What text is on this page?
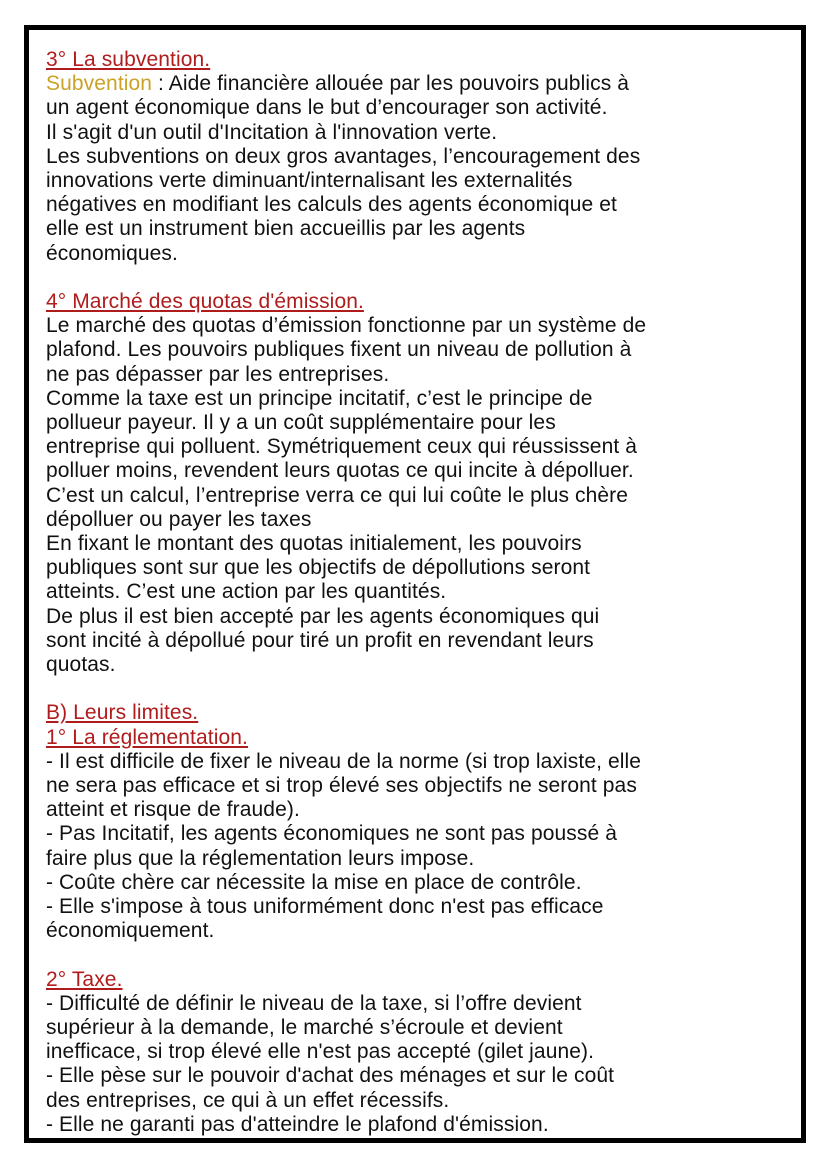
3° La subvention.
Subvention : Aide financière allouée par les pouvoirs publics à
un agent économique dans le but d’encourager son activité.
Il s'agit d'un outil d'Incitation à l'innovation verte.
Les subventions on deux gros avantages, l’encouragement des
innovations verte diminuant/internalisant les externalités
négatives en modifiant les calculs des agents économique et
elle est un instrument bien accueillis par les agents
économiques.
4° Marché des quotas d'émission.
Le marché des quotas d’émission fonctionne par un système de
plafond. Les pouvoirs publiques fixent un niveau de pollution à
ne pas dépasser par les entreprises.
Comme la taxe est un principe incitatif, c’est le principe de
pollueur payeur. Il y a un coût supplémentaire pour les
entreprise qui polluent. Symétriquement ceux qui réussissent à
polluer moins, revendent leurs quotas ce qui incite à dépolluer.
C’est un calcul, l’entreprise verra ce qui lui coûte le plus chère
dépolluer ou payer les taxes
En fixant le montant des quotas initialement, les pouvoirs
publiques sont sur que les objectifs de dépollutions seront
atteints. C’est une action par les quantités.
De plus il est bien accepté par les agents économiques qui
sont incité à dépollué pour tiré un profit en revendant leurs
quotas.
B) Leurs limites.
1° La réglementation.
- Il est difficile de fixer le niveau de la norme (si trop laxiste, elle
ne sera pas efficace et si trop élevé ses objectifs ne seront pas
atteint et risque de fraude).
- Pas Incitatif, les agents économiques ne sont pas poussé à
faire plus que la réglementation leurs impose.
- Coûte chère car nécessite la mise en place de contrôle.
- Elle s'impose à tous uniformément donc n'est pas efficace
économiquement.
2° Taxe.
- Difficulté de définir le niveau de la taxe, si l’offre devient
supérieur à la demande, le marché s’écroule et devient
inefficace, si trop élevé elle n'est pas accepté (gilet jaune).
- Elle pèse sur le pouvoir d'achat des ménages et sur le coût
des entreprises, ce qui à un effet récessifs.
- Elle ne garanti pas d'atteindre le plafond d'émission.
